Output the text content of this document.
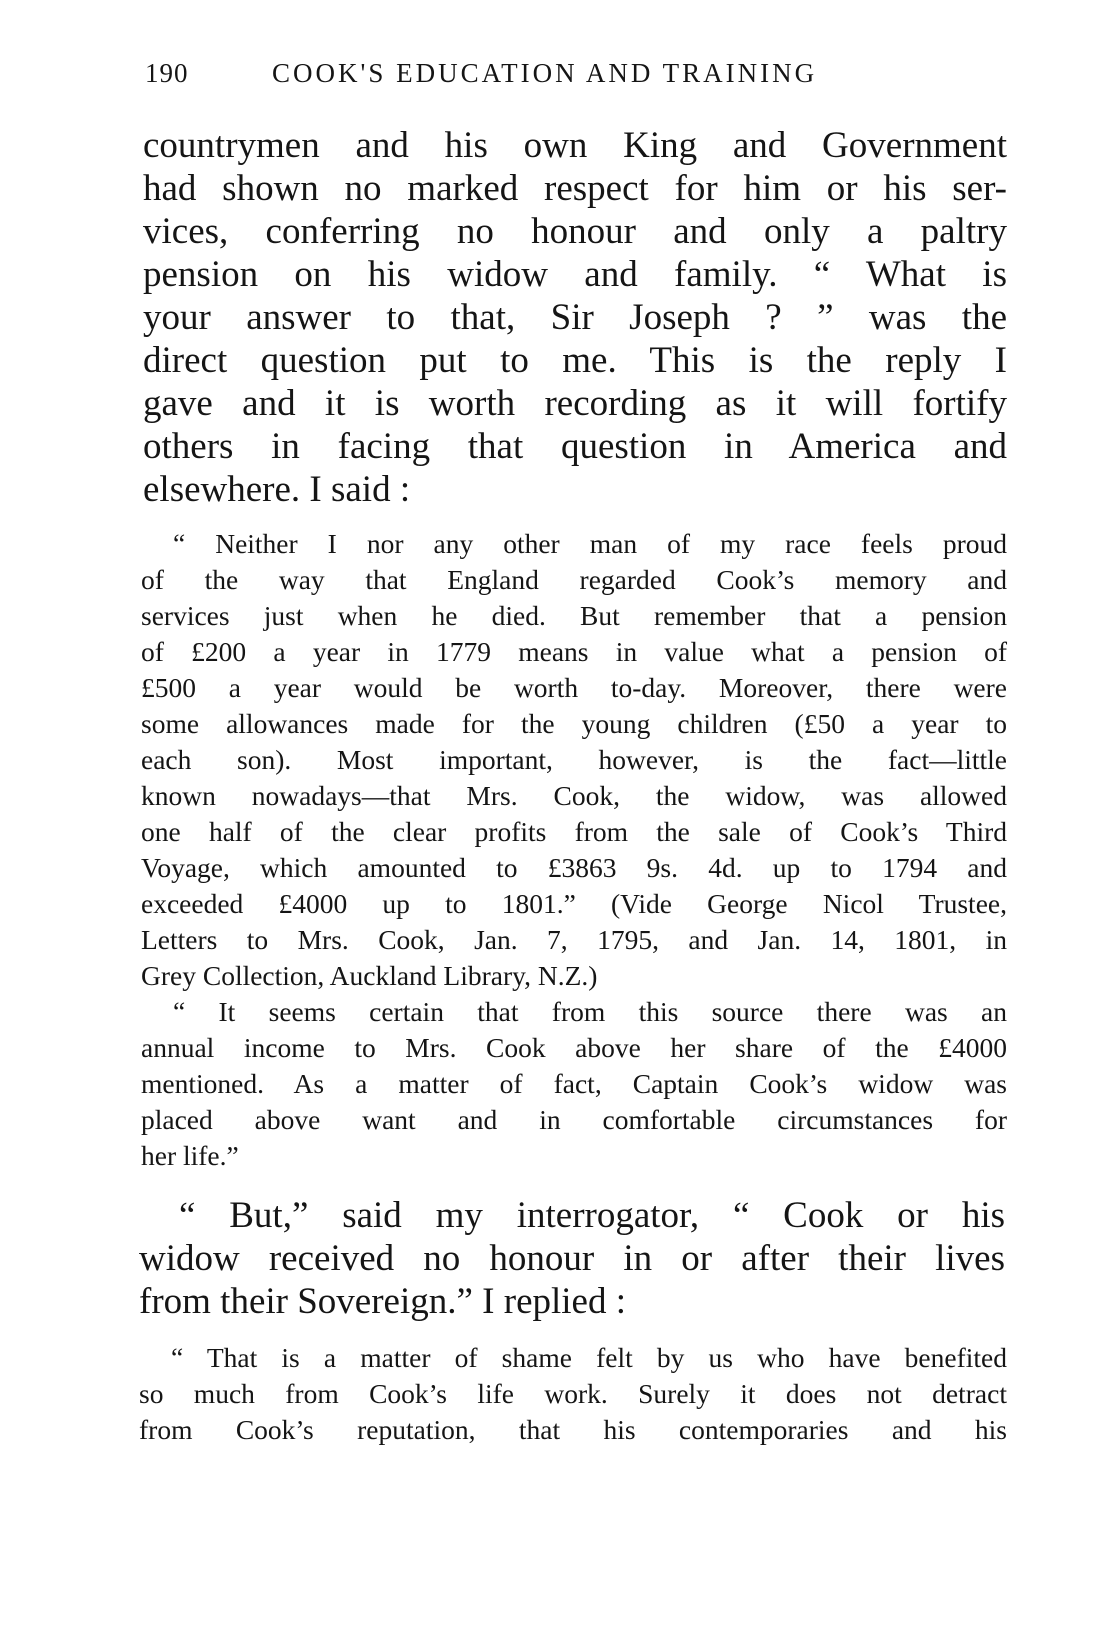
190	COOK'S EDUCATION AND TRAINING

countrymen and his own King and Government

had shown no marked respect for him or his ser-

vices, conferring no honour and only a paltry

pension on his widow and family. “ What is

your answer to that, Sir Joseph ? ” was the

direct question put to me. This is the reply I

gave and it is worth recording as it will fortify

others in facing that question in America and

elsewhere. I said :

“ Neither I nor any other man of my race feels proud

of the way that England regarded Cook’s memory and

services just when he died. But remember that a pension

of £200 a year in 1779 means in value what a pension of

£500 a year would be worth to-day. Moreover, there were

some allowances made for the young children (£50 a year to

each son). Most important, however, is the fact—little

known nowadays—that Mrs. Cook, the widow, was allowed

one half of the clear profits from the sale of Cook’s Third

Voyage, which amounted to £3863 9s. 4d. up to 1794 and

exceeded £4000 up to 1801.” (Vide George Nicol Trustee,

Letters to Mrs. Cook, Jan. 7, 1795, and Jan. 14, 1801, in

Grey Collection, Auckland Library, N.Z.)

“ It seems certain that from this source there was an

annual income to Mrs. Cook above her share of the £4000

mentioned. As a matter of fact, Captain Cook’s widow was

placed above want and in comfortable circumstances for

her life.”

“ But,” said my interrogator, “ Cook or his

widow received no honour in or after their lives

from their Sovereign.” I replied :

“ That is a matter of shame felt by us who have benefited

so much from Cook’s life work. Surely it does not detract

from Cook’s reputation, that his contemporaries and his
